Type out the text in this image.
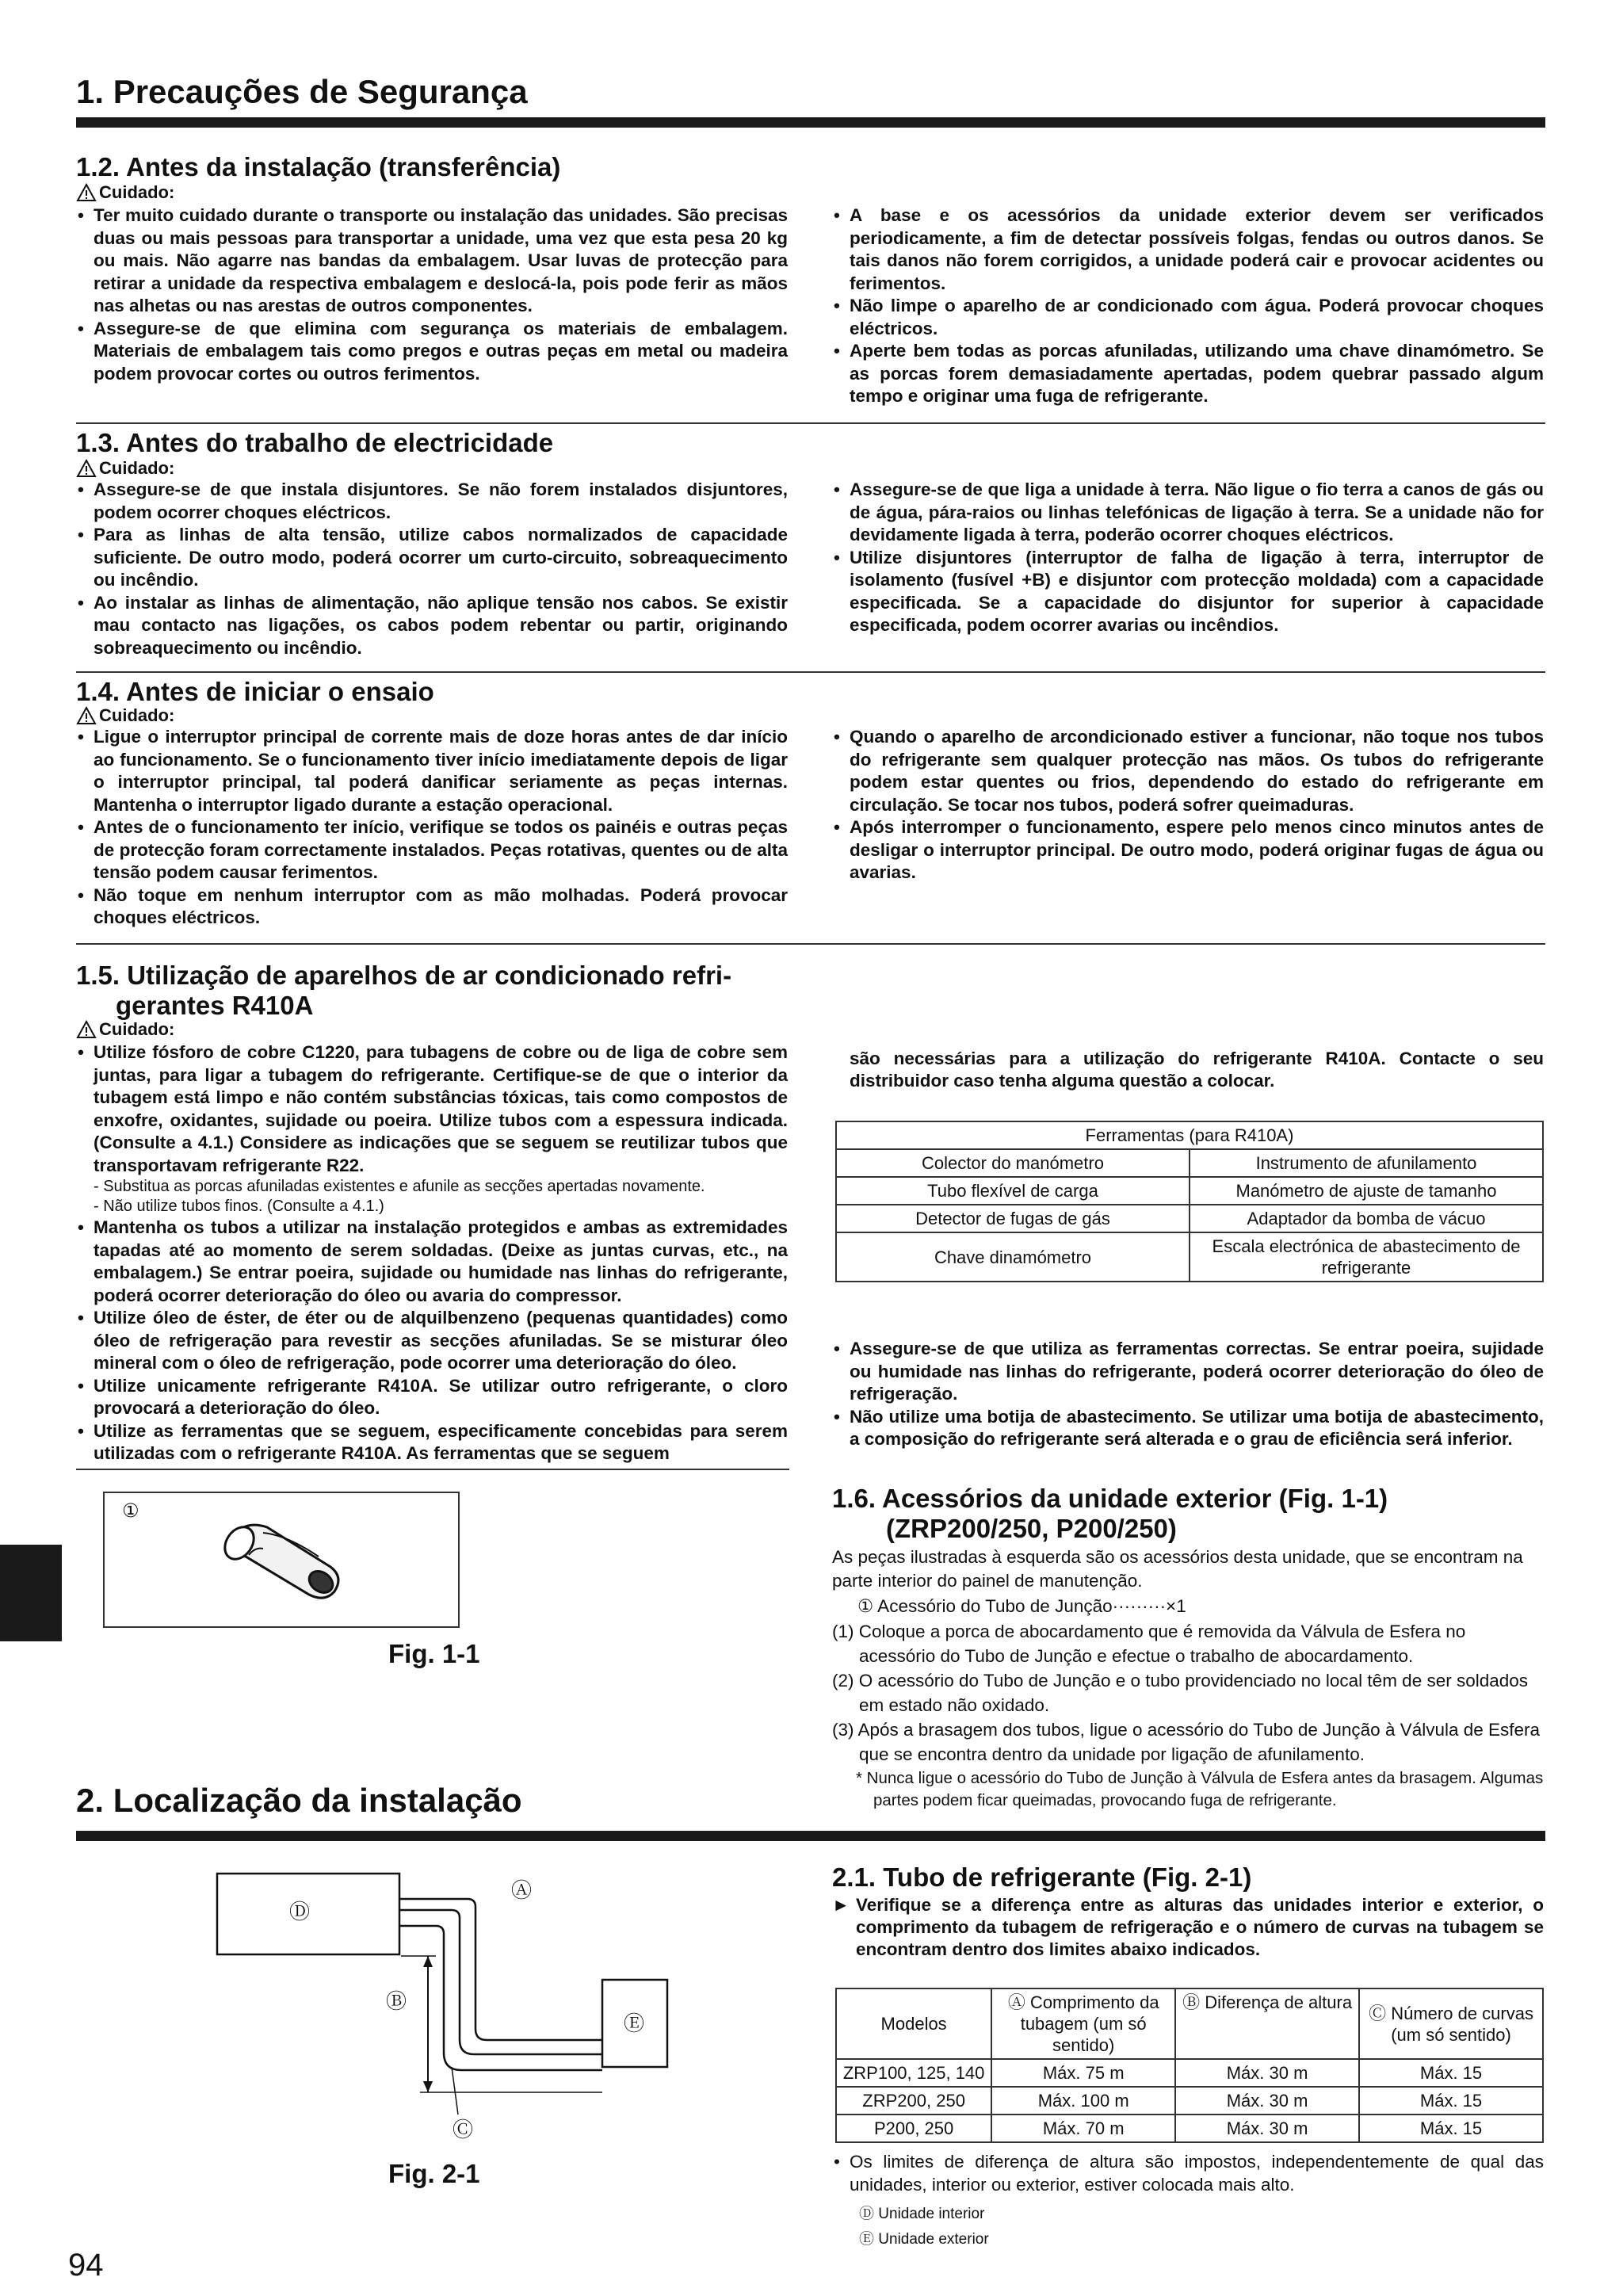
1. Precauções de Segurança
1.2. Antes da instalação (transferência)
Cuidado:
• Ter muito cuidado durante o transporte ou instalação das unidades. São precisas duas ou mais pessoas para transportar a unidade, uma vez que esta pesa 20 kg ou mais. Não agarre nas bandas da embalagem. Usar luvas de protecção para retirar a unidade da respectiva embalagem e deslocá-la, pois pode ferir as mãos nas alhetas ou nas arestas de outros componentes.
• Assegure-se de que elimina com segurança os materiais de embalagem. Materiais de embalagem tais como pregos e outras peças em metal ou madeira podem provocar cortes ou outros ferimentos.
• A base e os acessórios da unidade exterior devem ser verificados periodicamente, a fim de detectar possíveis folgas, fendas ou outros danos. Se tais danos não forem corrigidos, a unidade poderá cair e provocar acidentes ou ferimentos.
• Não limpe o aparelho de ar condicionado com água. Poderá provocar choques eléctricos.
• Aperte bem todas as porcas afuniladas, utilizando uma chave dinamómetro. Se as porcas forem demasiadamente apertadas, podem quebrar passado algum tempo e originar uma fuga de refrigerante.
1.3. Antes do trabalho de electricidade
Cuidado:
• Assegure-se de que instala disjuntores. Se não forem instalados disjuntores, podem ocorrer choques eléctricos.
• Para as linhas de alta tensão, utilize cabos normalizados de capacidade suficiente. De outro modo, poderá ocorrer um curto-circuito, sobreaquecimento ou incêndio.
• Ao instalar as linhas de alimentação, não aplique tensão nos cabos. Se existir mau contacto nas ligações, os cabos podem rebentar ou partir, originando sobreaquecimento ou incêndio.
• Assegure-se de que liga a unidade à terra. Não ligue o fio terra a canos de gás ou de água, pára-raios ou linhas telefónicas de ligação à terra. Se a unidade não for devidamente ligada à terra, poderão ocorrer choques eléctricos.
• Utilize disjuntores (interruptor de falha de ligação à terra, interruptor de isolamento (fusível +B) e disjuntor com protecção moldada) com a capacidade especificada. Se a capacidade do disjuntor for superior à capacidade especificada, podem ocorrer avarias ou incêndios.
1.4. Antes de iniciar o ensaio
Cuidado:
• Ligue o interruptor principal de corrente mais de doze horas antes de dar início ao funcionamento. Se o funcionamento tiver início imediatamente depois de ligar o interruptor principal, tal poderá danificar seriamente as peças internas. Mantenha o interruptor ligado durante a estação operacional.
• Antes de o funcionamento ter início, verifique se todos os painéis e outras peças de protecção foram correctamente instalados. Peças rotativas, quentes ou de alta tensão podem causar ferimentos.
• Não toque em nenhum interruptor com as mão molhadas. Poderá provocar choques eléctricos.
• Quando o aparelho de arcondicionado estiver a funcionar, não toque nos tubos do refrigerante sem qualquer protecção nas mãos. Os tubos do refrigerante podem estar quentes ou frios, dependendo do estado do refrigerante em circulação. Se tocar nos tubos, poderá sofrer queimaduras.
• Após interromper o funcionamento, espere pelo menos cinco minutos antes de desligar o interruptor principal. De outro modo, poderá originar fugas de água ou avarias.
1.5. Utilização de aparelhos de ar condicionado refri-
gerantes R410A
Cuidado:
• Utilize fósforo de cobre C1220, para tubagens de cobre ou de liga de cobre sem juntas, para ligar a tubagem do refrigerante. Certifique-se de que o interior da tubagem está limpo e não contém substâncias tóxicas, tais como compostos de enxofre, oxidantes, sujidade ou poeira. Utilize tubos com a espessura indicada. (Consulte a 4.1.) Considere as indicações que se seguem se reutilizar tubos que transportavam refrigerante R22.
- Substitua as porcas afuniladas existentes e afunile as secções apertadas novamente.
- Não utilize tubos finos. (Consulte a 4.1.)
• Mantenha os tubos a utilizar na instalação protegidos e ambas as extremidades tapadas até ao momento de serem soldadas. (Deixe as juntas curvas, etc., na embalagem.) Se entrar poeira, sujidade ou humidade nas linhas do refrigerante, poderá ocorrer deterioração do óleo ou avaria do compressor.
• Utilize óleo de éster, de éter ou de alquilbenzeno (pequenas quantidades) como óleo de refrigeração para revestir as secções afuniladas. Se se misturar óleo mineral com o óleo de refrigeração, pode ocorrer uma deterioração do óleo.
• Utilize unicamente refrigerante R410A. Se utilizar outro refrigerante, o cloro provocará a deterioração do óleo.
• Utilize as ferramentas que se seguem, especificamente concebidas para serem utilizadas com o refrigerante R410A. As ferramentas que se seguem
são necessárias para a utilização do refrigerante R410A. Contacte o seu distribuidor caso tenha alguma questão a colocar.
Ferramentas (para R410A)	
Colector do manómetro	Instrumento de afunilamento
Tubo flexível de carga	Manómetro de ajuste de tamanho
Detector de fugas de gás	Adaptador da bomba de vácuo
Chave dinamómetro	Escala electrónica de abastecimento de refrigerante
• Assegure-se de que utiliza as ferramentas correctas. Se entrar poeira, sujidade ou humidade nas linhas do refrigerante, poderá ocorrer deterioração do óleo de refrigeração.
• Não utilize uma botija de abastecimento. Se utilizar uma botija de abastecimento, a composição do refrigerante será alterada e o grau de eficiência será inferior.
①
Fig. 1-1
1.6. Acessórios da unidade exterior (Fig. 1-1)
(ZRP200/250, P200/250)
As peças ilustradas à esquerda são os acessórios desta unidade, que se encontram na parte interior do painel de manutenção.
① Acessório do Tubo de Junção·········×1
(1) Coloque a porca de abocardamento que é removida da Válvula de Esfera no acessório do Tubo de Junção e efectue o trabalho de abocardamento.
(2) O acessório do Tubo de Junção e o tubo providenciado no local têm de ser soldados em estado não oxidado.
(3) Após a brasagem dos tubos, ligue o acessório do Tubo de Junção à Válvula de Esfera que se encontra dentro da unidade por ligação de afunilamento.
* Nunca ligue o acessório do Tubo de Junção à Válvula de Esfera antes da brasagem. Algumas partes podem ficar queimadas, provocando fuga de refrigerante.
2. Localização da instalação
Ⓐ
Ⓓ
Ⓑ
Ⓔ
Ⓒ
Fig. 2-1
2.1. Tubo de refrigerante (Fig. 2-1)
► Verifique se a diferença entre as alturas das unidades interior e exterior, o comprimento da tubagem de refrigeração e o número de curvas na tubagem se encontram dentro dos limites abaixo indicados.
Modelos	Ⓐ Comprimento da tubagem (um só sentido)	Ⓑ Diferença de altura	Ⓒ Número de curvas (um só sentido)
ZRP100, 125, 140	Máx. 75 m	Máx. 30 m	Máx. 15
ZRP200, 250	Máx. 100 m	Máx. 30 m	Máx. 15
P200, 250	Máx. 70 m	Máx. 30 m	Máx. 15
• Os limites de diferença de altura são impostos, independentemente de qual das unidades, interior ou exterior, estiver colocada mais alto.
Ⓓ Unidade interior
Ⓔ Unidade exterior
94
